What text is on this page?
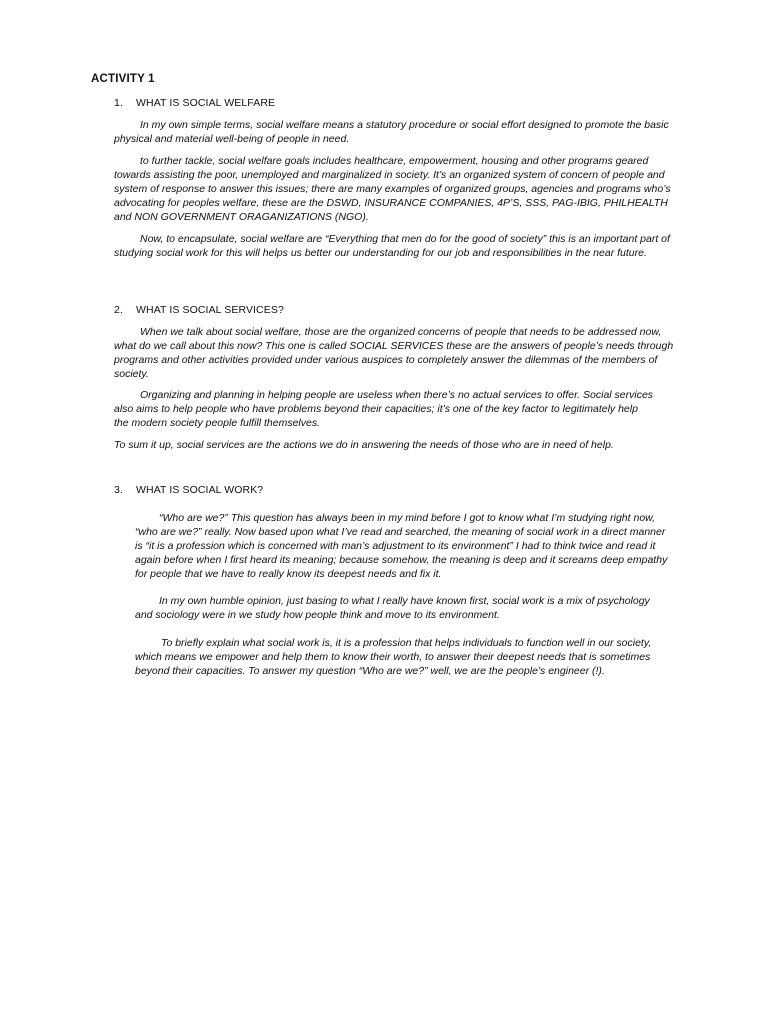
ACTIVITY 1
1. WHAT IS SOCIAL WELFARE

In my own simple terms, social welfare means a statutory procedure or social effort designed to promote the basic physical and material well-being of people in need.

to further tackle, social welfare goals includes healthcare, empowerment, housing and other programs geared towards assisting the poor, unemployed and marginalized in society. It’s an organized system of concern of people and system of response to answer this issues; there are many examples of organized groups, agencies and programs who’s advocating for peoples welfare, these are the DSWD, INSURANCE COMPANIES, 4P’S, SSS, PAG-IBIG, PHILHEALTH and NON GOVERNMENT ORAGANIZATIONS (NGO).

Now, to encapsulate, social welfare are “Everything that men do for the good of society” this is an important part of studying social work for this will helps us better our understanding for our job and responsibilities in the near future.

2. WHAT IS SOCIAL SERVICES?

When we talk about social welfare, those are the organized concerns of people that needs to be addressed now, what do we call about this now? This one is called SOCIAL SERVICES these are the answers of people’s needs through programs and other activities provided under various auspices to completely answer the dilemmas of the members of society.

Organizing and planning in helping people are useless when there’s no actual services to offer. Social services also aims to help people who have problems beyond their capacities; it’s one of the key factor to legitimately help the modern society people fulfill themselves.

To sum it up, social services are the actions we do in answering the needs of those who are in need of help.

3. WHAT IS SOCIAL WORK?

“Who are we?” This question has always been in my mind before I got to know what I’m studying right now, “who are we?” really. Now based upon what I’ve read and searched, the meaning of social work in a direct manner is “it is a profession which is concerned with man’s adjustment to its environment” I had to think twice and read it again before when I first heard its meaning; because somehow, the meaning is deep and it screams deep empathy for people that we have to really know its deepest needs and fix it.

In my own humble opinion, just basing to what I really have known first, social work is a mix of psychology and sociology were in we study how people think and move to its environment.

To briefly explain what social work is, it is a profession that helps individuals to function well in our society, which means we empower and help them to know their worth, to answer their deepest needs that is sometimes beyond their capacities. To answer my question “Who are we?” well, we are the people’s engineer (!).
